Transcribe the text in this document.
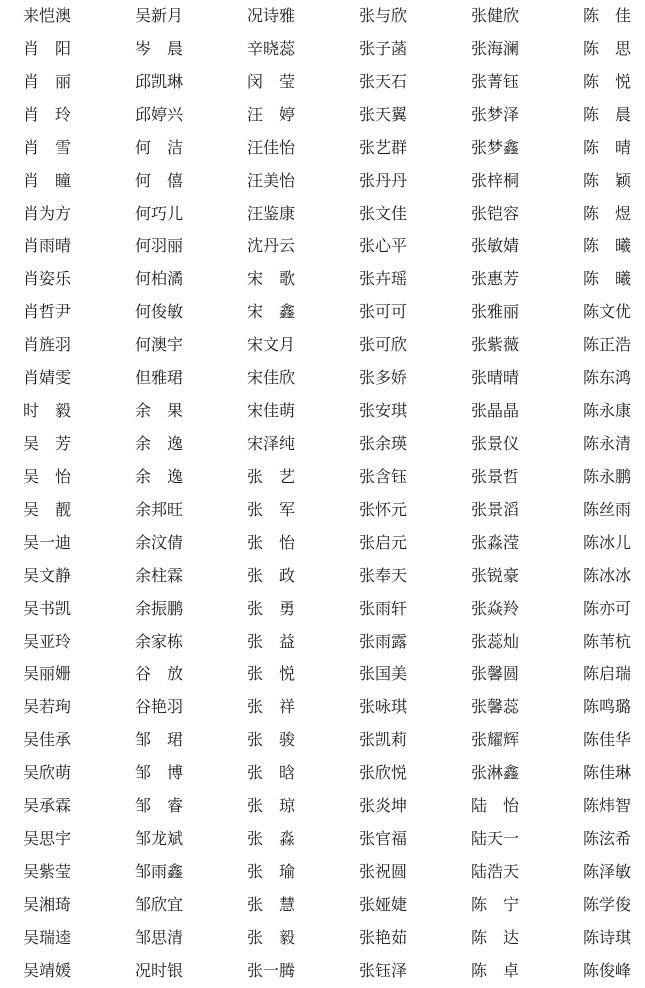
来恺澳	吴新月	况诗雅	张与欣	张健欣	陈　佳
肖　阳	岑　晨	辛晓蕊	张子菡	张海澜	陈　思
肖　丽	邱凯琳	闵　莹	张天石	张菁钰	陈　悦
肖　玲	邱婷兴	汪　婷	张天翼	张梦泽	陈　晨
肖　雪	何　洁	汪佳怡	张艺群	张梦鑫	陈　晴
肖　瞳	何　僖	汪美怡	张丹丹	张梓桐	陈　颖
肖为方	何巧儿	汪鉴康	张文佳	张铠容	陈　煜
肖雨晴	何羽丽	沈丹云	张心平	张敏婧	陈　曦
肖姿乐	何柏潏	宋　歌	张卉瑶	张惠芳	陈　曦
肖哲尹	何俊敏	宋　鑫	张可可	张雅丽	陈文优
肖旌羽	何澳宇	宋文月	张可欣	张紫薇	陈正浩
肖婧雯	但雅珺	宋佳欣	张多娇	张晴晴	陈东鸿
时　毅	余　果	宋佳萌	张安琪	张晶晶	陈永康
吴　芳	余　逸	宋泽纯	张余瑛	张景仪	陈永清
吴　怡	余　逸	张　艺	张含钰	张景哲	陈永鹏
吴　靓	余邦旺	张　军	张怀元	张景滔	陈丝雨
吴一迪	余汶倩	张　怡	张启元	张淼滢	陈冰儿
吴文静	余柱霖	张　政	张奉天	张锐豪	陈冰冰
吴书凯	余振鹏	张　勇	张雨轩	张焱羚	陈亦可
吴亚玲	余家栋	张　益	张雨露	张蕊灿	陈苇杭
吴丽姗	谷　放	张　悦	张国美	张馨圆	陈启瑞
吴若珣	谷艳羽	张　祥	张咏琪	张馨蕊	陈鸣璐
吴佳承	邹　珺	张　骏	张凯莉	张耀辉	陈佳华
吴欣萌	邹　博	张　晗	张欣悦	张淋鑫	陈佳琳
吴承霖	邹　睿	张　琼	张炎坤	陆　怡	陈炜智
吴思宇	邹龙斌	张　淼	张官福	陆天一	陈泫希
吴紫莹	邹雨鑫	张　瑜	张祝圆	陆浩天	陈泽敏
吴湘琦	邹欣宜	张　慧	张娅婕	陈　宁	陈学俊
吴瑞逵	邹思清	张　毅	张艳茹	陈　达	陈诗琪
吴靖媛	况时银	张一腾	张钰泽	陈　卓	陈俊峰
